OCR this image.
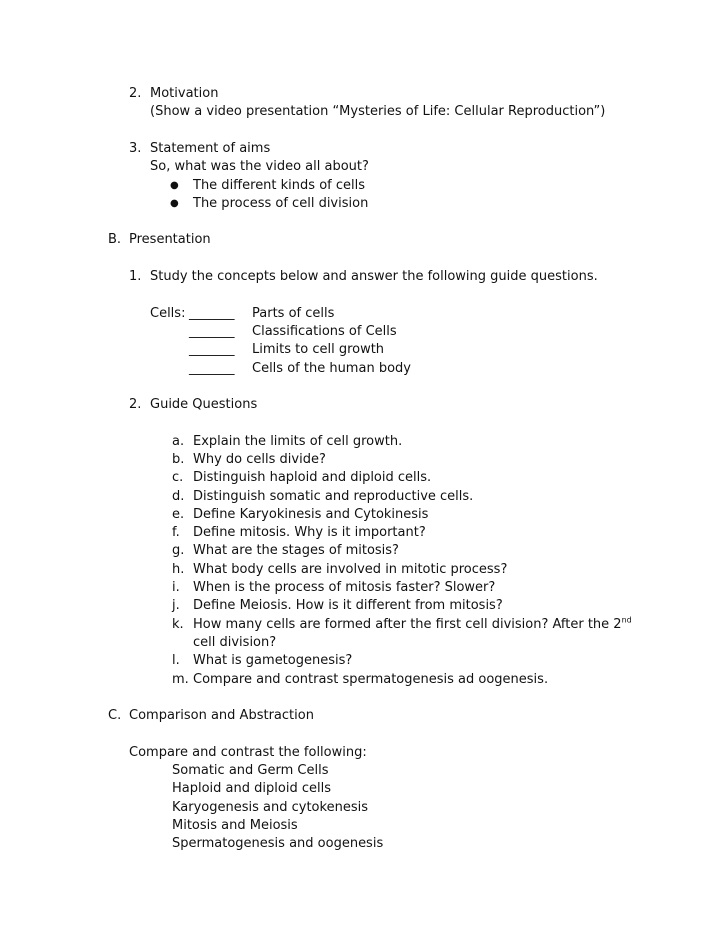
2. Motivation
(Show a video presentation “Mysteries of Life: Cellular Reproduction”)
3. Statement of aims
So, what was the video all about?
● The different kinds of cells
● The process of cell division
B. Presentation
1. Study the concepts below and answer the following guide questions.
Cells: _______ Parts of cells
_______ Classifications of Cells
_______ Limits to cell growth
_______ Cells of the human body
2. Guide Questions
a. Explain the limits of cell growth.
b. Why do cells divide?
c. Distinguish haploid and diploid cells.
d. Distinguish somatic and reproductive cells.
e. Define Karyokinesis and Cytokinesis
f. Define mitosis. Why is it important?
g. What are the stages of mitosis?
h. What body cells are involved in mitotic process?
i. When is the process of mitosis faster? Slower?
j. Define Meiosis. How is it different from mitosis?
k. How many cells are formed after the first cell division? After the 2nd
cell division?
l. What is gametogenesis?
m. Compare and contrast spermatogenesis ad oogenesis.
C. Comparison and Abstraction
Compare and contrast the following:
Somatic and Germ Cells
Haploid and diploid cells
Karyogenesis and cytokenesis
Mitosis and Meiosis
Spermatogenesis and oogenesis
